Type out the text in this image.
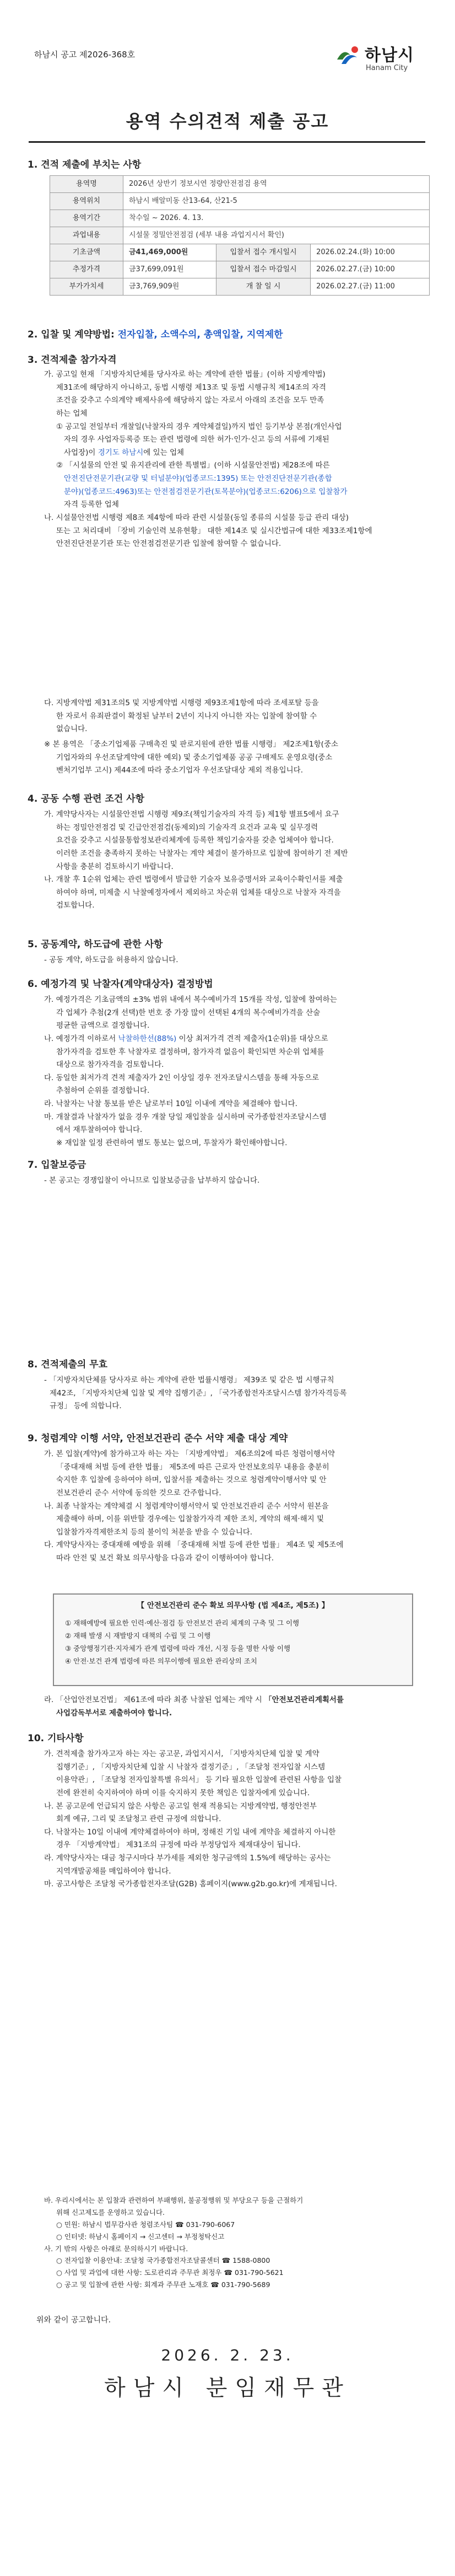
하남시 공고 제2026-368호	하남시
Hanam City
용역 수의견적 제출 공고
1. 견적 제출에 부치는 사항
용역명	2026년 상반기 정보시연 정량안전점검 용역		
용역위치	하남시 배알미동 산13-64, 산21-5		
용역기간	착수일 ~ 2026. 4. 13.		
과업내용	시설물 정밀안전점검 (세부 내용 과업지시서 확인)		
기초금액	금41,469,000원	입찰서 접수 개시일시	2026.02.24.(화) 10:00
추정가격	금37,699,091원	입찰서 접수 마감일시	2026.02.27.(금) 10:00
부가가치세	금3,769,909원	개 찰 일 시	2026.02.27.(금) 11:00
2. 입찰 및 계약방법: 전자입찰, 소액수의, 총액입찰, 지역제한
3. 견적제출 참가자격
가. 공고일 현재 「지방자치단체를 당사자로 하는 계약에 관한 법률」(이하 지방계약법)
제31조에 해당하지 아니하고, 동법 시행령 제13조 및 동법 시행규칙 제14조의 자격
조건을 갖추고 수의계약 배제사유에 해당하지 않는 자로서 아래의 조건을 모두 만족
하는 업체
① 공고일 전일부터 개찰일(낙찰자의 경우 계약체결일)까지 법인 등기부상 본점(개인사업
자의 경우 사업자등록증 또는 관련 법령에 의한 허가·인가·신고 등의 서류에 기재된
사업장)이 경기도 하남시에 있는 업체
② 「시설물의 안전 및 유지관리에 관한 특별법」(이하 시설물안전법) 제28조에 따른
안전진단전문기관(교량 및 터널분야)(업종코드:1395) 또는 안전진단전문기관(종합
분야)(업종코드:4963)또는 안전점검전문기관(토목분야)(업종코드:6206)으로 입찰참가
자격 등록한 업체
나. 시설물안전법 시행령 제8조 제4항에 따라 관련 시설물(동일 종류의 시설물 등급 관리 대상)
또는 고 처리대비 「장비 기술인력 보유현황」 대한 제14조 및 실시간법규에 대한 제33조제1항에
안전진단전문기관 또는 안전점검전문기관 입찰에 참여할 수 없습니다.
다. 지방계약법 제31조의5 및 지방계약법 시행령 제93조제1항에 따라 조세포탈 등을
한 자로서 유죄판결이 확정된 날부터 2년이 지나지 아니한 자는 입찰에 참여할 수
없습니다.
※ 본 용역은 「중소기업제품 구매촉진 및 판로지원에 관한 법률 시행령」 제2조제1항(중소
기업자와의 우선조달계약에 대한 예외) 및 중소기업제품 공공 구매제도 운영요령(중소
벤처기업부 고시) 제44조에 따라 중소기업자 우선조달대상 제외 적용입니다.
4. 공동 수행 관련 조건 사항
가. 계약당사자는 시설물안전법 시행령 제9조(책임기술자의 자격 등) 제1항 별표5에서 요구
하는 정밀안전점검 및 긴급안전점검(동제외)의 기술자격 요건과 교육 및 실무경력
요건을 갖추고 시설물통합정보관리체계에 등록한 책임기술자를 갖춘 업체여야 합니다.
이러한 조건을 충족하지 못하는 낙찰자는 계약 체결이 불가하므로 입찰에 참여하기 전 제반
사항을 충분히 검토하시기 바랍니다.
나. 개찰 후 1순위 업체는 관련 법령에서 발급한 기술자 보유증명서와 교육이수확인서를 제출
하여야 하며, 미제출 시 낙찰예정자에서 제외하고 차순위 업체를 대상으로 낙찰자 자격을
검토합니다.
5. 공동계약, 하도급에 관한 사항
- 공동 계약, 하도급을 허용하지 않습니다.
6. 예정가격 및 낙찰자(계약대상자) 결정방법
가. 예정가격은 기초금액의 ±3% 범위 내에서 복수예비가격 15개를 작성, 입찰에 참여하는
각 업체가 추첨(2개 선택)한 번호 중 가장 많이 선택된 4개의 복수예비가격을 산술
평균한 금액으로 결정합니다.
나. 예정가격 이하로서 낙찰하한선(88%) 이상 최저가격 견적 제출자(1순위)를 대상으로
참가자격을 검토한 후 낙찰자로 결정하며, 참가자격 없음이 확인되면 차순위 업체를
대상으로 참가자격을 검토합니다.
다. 동일한 최저가격 견적 제출자가 2인 이상일 경우 전자조달시스템을 통해 자동으로
추첨하여 순위를 결정합니다.
라. 낙찰자는 낙찰 통보를 받은 날로부터 10일 이내에 계약을 체결해야 합니다.
마. 개찰결과 낙찰자가 없을 경우 개찰 당일 재입찰을 실시하며 국가종합전자조달시스템
에서 재투찰하여야 합니다.
※ 재입찰 일정 관련하여 별도 통보는 없으며, 투찰자가 확인해야합니다.
7. 입찰보증금
- 본 공고는 경쟁입찰이 아니므로 입찰보증금을 납부하지 않습니다.
8. 견적제출의 무효
- 「지방자치단체를 당사자로 하는 계약에 관한 법률시행령」 제39조 및 같은 법 시행규칙
제42조, 「지방자치단체 입찰 및 계약 집행기준」, 「국가종합전자조달시스템 참가자격등록
규정」 등에 의합니다.
9. 청렴계약 이행 서약, 안전보건관리 준수 서약 제출 대상 계약
가. 본 입찰(계약)에 참가하고자 하는 자는 「지방계약법」 제6조의2에 따른 청렴이행서약
「중대재해 처벌 등에 관한 법률」 제5조에 따른 근로자 안전보호의무 내용을 충분히
숙지한 후 입찰에 응하여야 하며, 입찰서를 제출하는 것으로 청렴계약이행서약 및 안
전보건관리 준수 서약에 동의한 것으로 간주합니다.
나. 최종 낙찰자는 계약체결 시 청렴계약이행서약서 및 안전보건관리 준수 서약서 원본을
제출해야 하며, 이를 위반할 경우에는 입찰참가자격 제한 조치, 계약의 해제·해지 및
입찰참가자격제한조치 등의 불이익 처분을 받을 수 있습니다.
다. 계약당사자는 중대재해 예방을 위해 「중대재해 처벌 등에 관한 법률」 제4조 및 제5조에
따라 안전 및 보건 확보 의무사항을 다음과 같이 이행하여야 합니다.
【 안전보건관리 준수 확보 의무사항 (법 제4조, 제5조) 】
① 재해예방에 필요한 인력·예산·점검 등 안전보건 관리 체계의 구축 및 그 이행
② 재해 발생 시 재발방지 대책의 수립 및 그 이행
③ 중앙행정기관·지자체가 관계 법령에 따라 개선, 시정 등을 명한 사항 이행
④ 안전·보건 관계 법령에 따른 의무이행에 필요한 관리상의 조치
라. 「산업안전보건법」 제61조에 따라 최종 낙찰된 업체는 계약 시 「안전보건관리계획서를
사업감독부서로 제출하여야 합니다.
10. 기타사항
가. 견적제출 참가자고자 하는 자는 공고문, 과업지시서, 「지방자치단체 입찰 및 계약
집행기준」, 「지방자치단체 입찰 시 낙찰자 결정기준」, 「조달청 전자입찰 시스템
이용약관」, 「조달청 전자입찰특별 유의서」 등 기타 필요한 입찰에 관련된 사항을 입찰
전에 완전히 숙지하여야 하며 이를 숙지하지 못한 책임은 입찰자에게 있습니다.
나. 본 공고문에 언급되지 않은 사항은 공고일 현재 적용되는 지방계약법, 행정안전부
회계 예규, 그리 및 조달청고 관련 규정에 의합니다.
다. 낙찰자는 10일 이내에 계약체결하여야 하며, 정해진 기일 내에 계약을 체결하지 아니한
경우 「지방계약법」 제31조의 규정에 따라 부정당업자 제재대상이 됩니다.
라. 계약당사자는 대금 청구시마다 부가세를 제외한 청구금액의 1.5%에 해당하는 공사는
지역개발공채를 매입하여야 합니다.
마. 공고사항은 조달청 국가종합전자조달(G2B) 홈페이지(www.g2b.go.kr)에 게재됩니다.
바. 우리시에서는 본 입찰과 관련하여 부패행위, 불공정행위 및 부당요구 등을 근절하기
위해 신고제도를 운영하고 있습니다.
○ 민원: 하남시 법무감사관 청렴조사팀 ☎ 031-790-6067
○ 인터넷: 하남시 홈페이지 → 신고센터 → 부정청탁신고
사. 기 밖의 사항은 아래로 문의하시기 바랍니다.
○ 전자입찰 이용안내: 조달청 국가종합전자조달콜센터 ☎ 1588-0800
○ 사업 및 과업에 대한 사항: 도로관리과 주무관 최정우 ☎ 031-790-5621
○ 공고 및 입찰에 관한 사항: 회계과 주무관 노재호 ☎ 031-790-5689
위와 같이 공고합니다.
2026. 2. 23.
하남시 분임재무관
